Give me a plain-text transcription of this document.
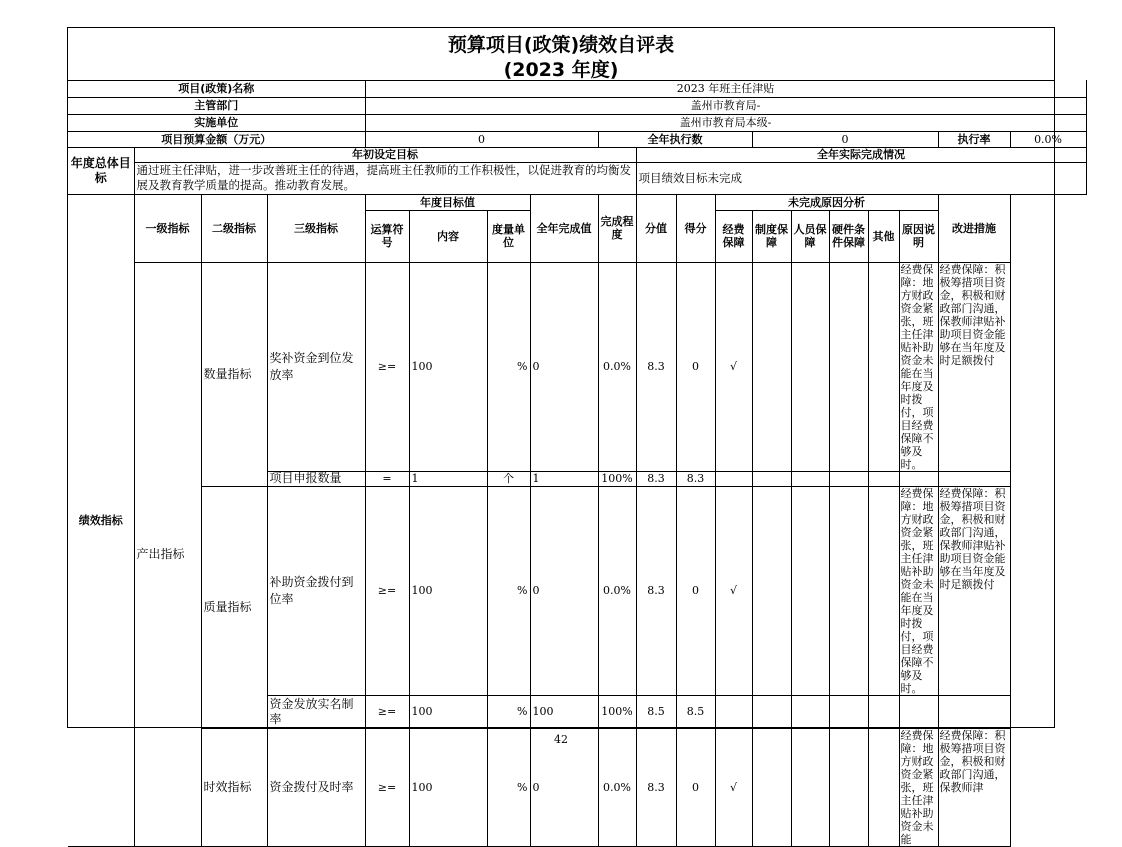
预算项目(政策)绩效自评表
(2023 年度)
项目(政策)名称				2023 年班主任津贴														
主管部门				盖州市教育局-														
实施单位				盖州市教育局本级-														
项目预算金额（万元）				0				全年执行数				0					执行率	0.0%
年度总体目标	年初设定目标								全年实际完成情况									
	通过班主任津贴，进一步改善班主任的待遇，提高班主任教师的工作积极性，以促进教育的均衡发展及教育教学质量的提高。推动教育发展。								项目绩效目标未完成									
绩效指标	一级指标	二级指标	三级指标	年度目标值			全年完成值	完成程度	分值	得分	未完成原因分析						改进措施	
				运算符号	内容	度量单位					经费保障	制度保障	人员保障	硬件条件保障	其他	原因说明		
	产出指标	数量指标	奖补资金到位发放率	≥=	100	%	0	0.0%	8.3	0	√					经费保障：地方财政资金紧张，班主任津贴补助资金未能在当年度及时拨付，项目经费保障不够及时。	经费保障：积极筹措项目资金，积极和财政部门沟通，保教师津贴补助项目资金能够在当年度及时足额拨付	
			项目申报数量	=	1	个	1	100%	8.3	8.3								
		质量指标	补助资金拨付到位率	≥=	100	%	0	0.0%	8.3	0	√					经费保障：地方财政资金紧张，班主任津贴补助资金未能在当年度及时拨付，项目经费保障不够及时。	经费保障：积极筹措项目资金，积极和财政部门沟通，保教师津贴补助项目资金能够在当年度及时足额拨付	
			资金发放实名制率	≥=	100	%	100	100%	8.5	8.5								
		时效指标	资金拨付及时率	≥=	100	%	0	0.0%	8.3	0	√					经费保障：地方财政资金紧张，班主任津贴补助资金未能	经费保障：积极筹措项目资金，积极和财政部门沟通，保教师津	
42
